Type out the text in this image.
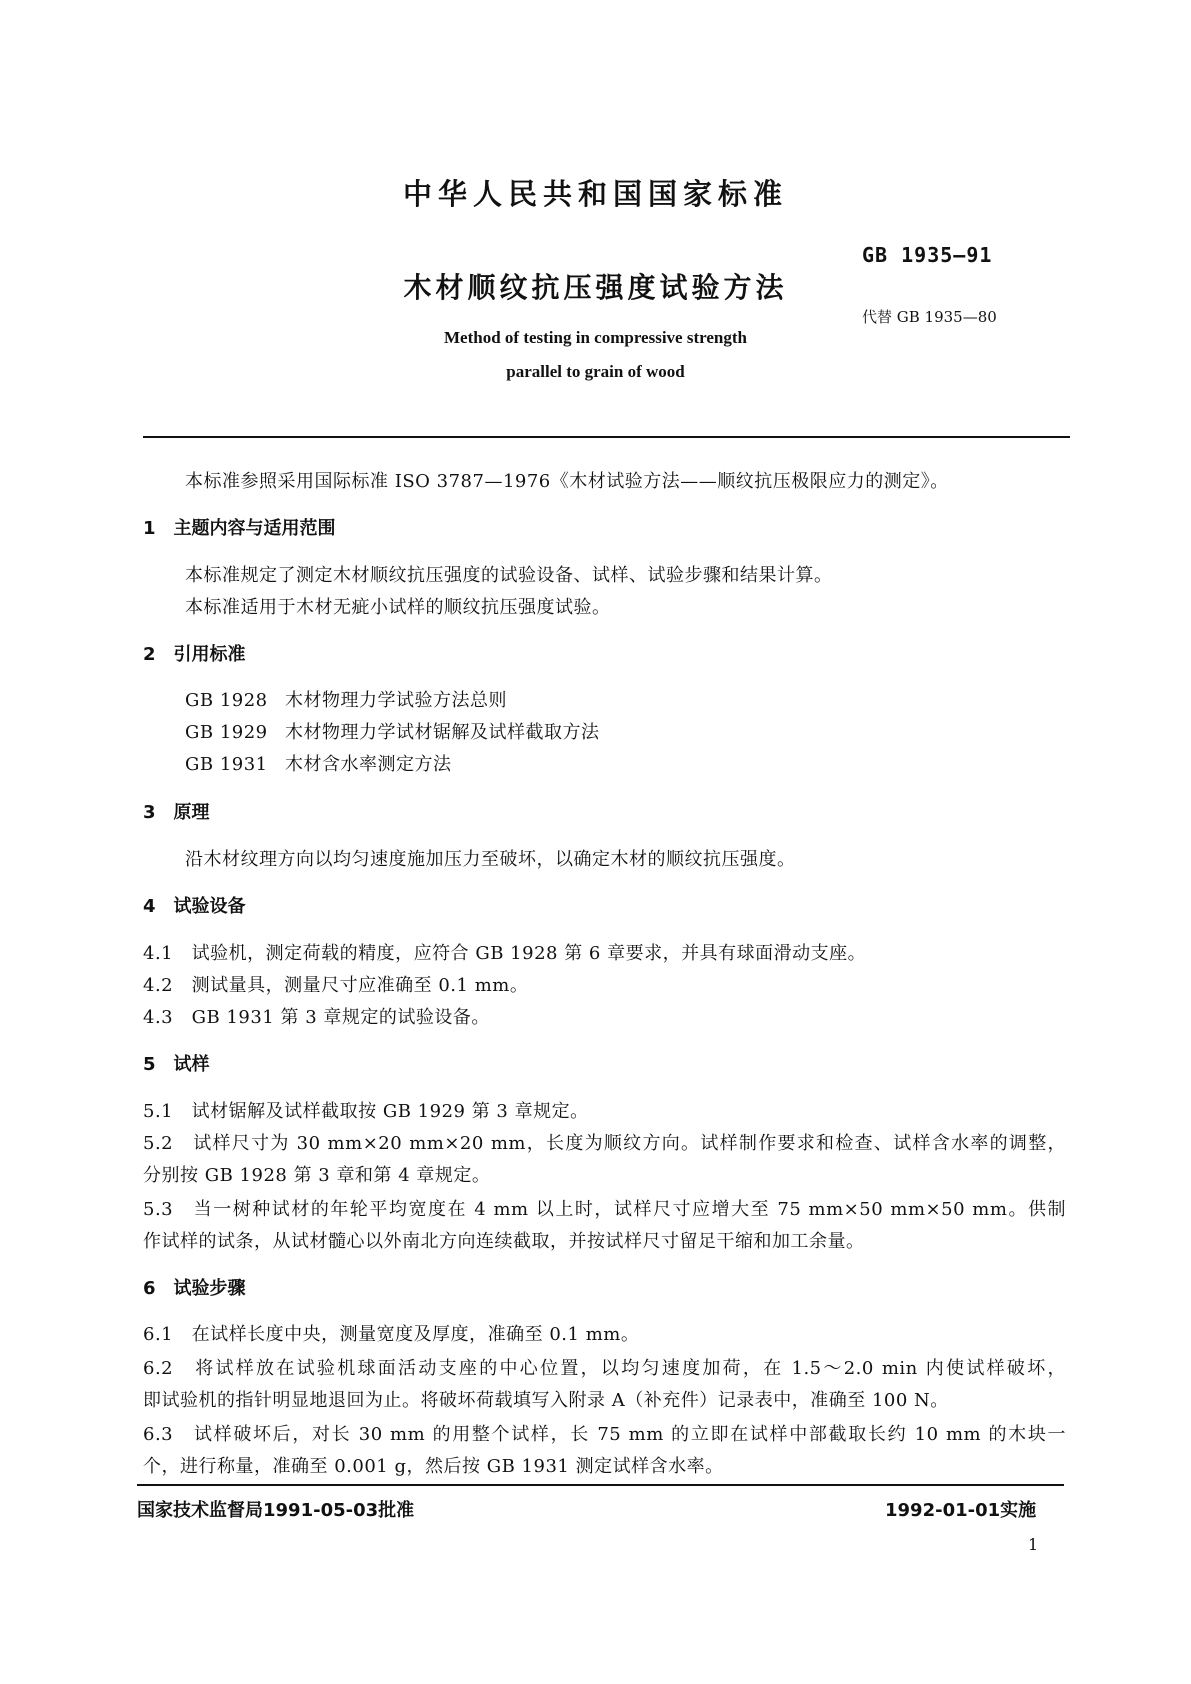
中华人民共和国国家标准
GB 1935—91
木材顺纹抗压强度试验方法
代替 GB 1935—80
Method of testing in compressive strength
parallel to grain of wood
本标准参照采用国际标准 ISO 3787—1976《木材试验方法——顺纹抗压极限应力的测定》。
1　主题内容与适用范围
本标准规定了测定木材顺纹抗压强度的试验设备、试样、试验步骤和结果计算。
本标准适用于木材无疵小试样的顺纹抗压强度试验。
2　引用标准
GB 1928 木材物理力学试验方法总则
GB 1929 木材物理力学试材锯解及试样截取方法
GB 1931 木材含水率测定方法
3　原理
沿木材纹理方向以均匀速度施加压力至破坏，以确定木材的顺纹抗压强度。
4　试验设备
4.1　试验机，测定荷载的精度，应符合 GB 1928 第 6 章要求，并具有球面滑动支座。
4.2　测试量具，测量尺寸应准确至 0.1 mm。
4.3　GB 1931 第 3 章规定的试验设备。
5　试样
5.1　试材锯解及试样截取按 GB 1929 第 3 章规定。
5.2　试样尺寸为 30 mm×20 mm×20 mm，长度为顺纹方向。试样制作要求和检查、试样含水率的调整，
分别按 GB 1928 第 3 章和第 4 章规定。
5.3　当一树种试材的年轮平均宽度在 4 mm 以上时，试样尺寸应增大至 75 mm×50 mm×50 mm。供制
作试样的试条，从试材髓心以外南北方向连续截取，并按试样尺寸留足干缩和加工余量。
6　试验步骤
6.1　在试样长度中央，测量宽度及厚度，准确至 0.1 mm。
6.2　将试样放在试验机球面活动支座的中心位置，以均匀速度加荷，在 1.5～2.0 min 内使试样破坏，
即试验机的指针明显地退回为止。将破坏荷载填写入附录 A（补充件）记录表中，准确至 100 N。
6.3　试样破坏后，对长 30 mm 的用整个试样，长 75 mm 的立即在试样中部截取长约 10 mm 的木块一
个，进行称量，准确至 0.001 g，然后按 GB 1931 测定试样含水率。
国家技术监督局1991-05-03批准	1992-01-01实施
1
